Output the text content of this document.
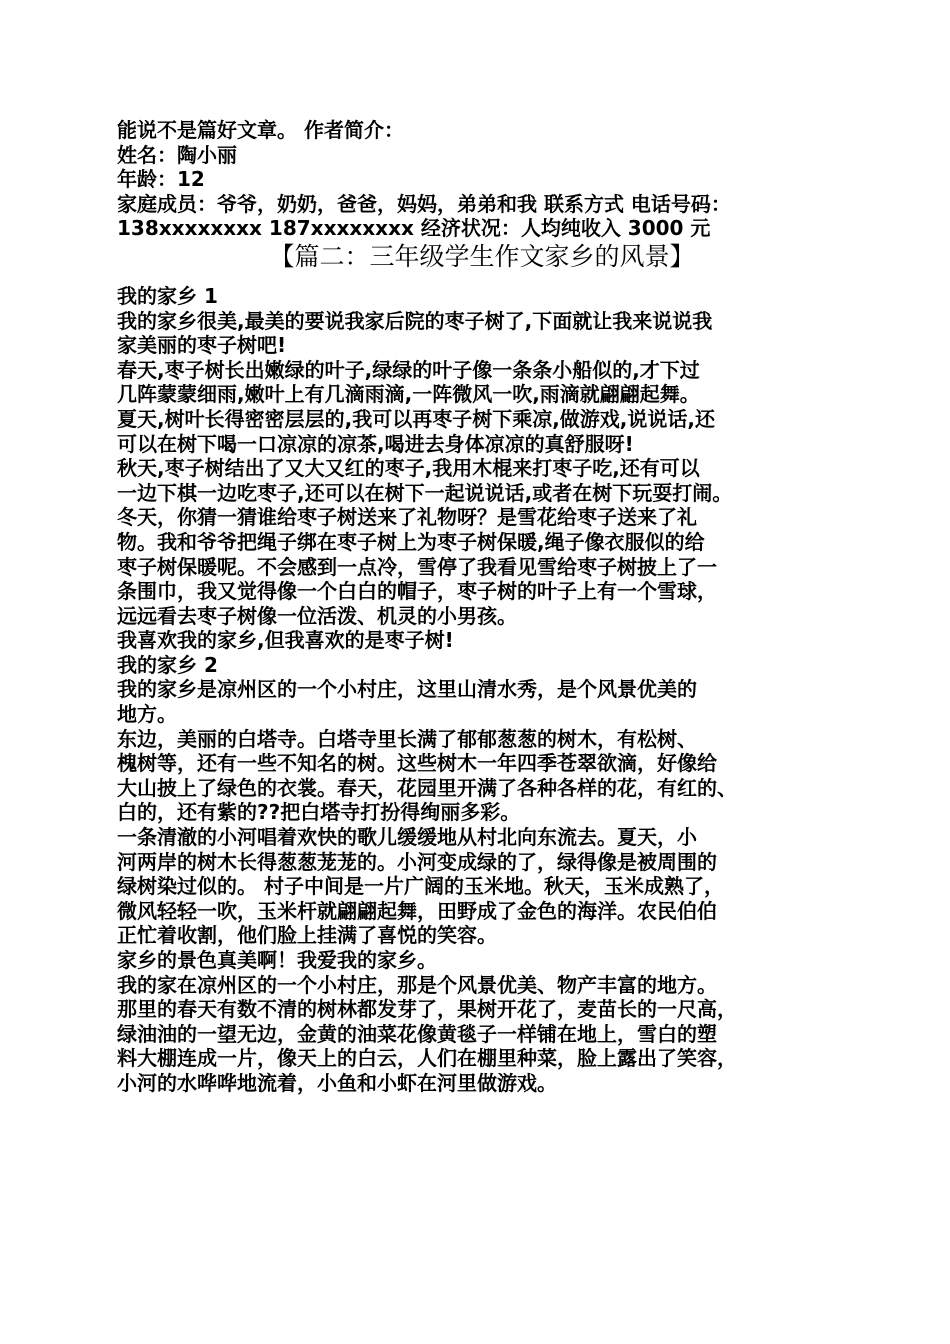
能说不是篇好文章。 作者简介：

姓名：陶小丽

年龄：12

家庭成员：爷爷，奶奶，爸爸，妈妈，弟弟和我 联系方式 电话号码：

138xxxxxxxx 187xxxxxxxx 经济状况：人均纯收入 3000 元

【篇二：三年级学生作文家乡的风景】

我的家乡 1

我的家乡很美,最美的要说我家后院的枣子树了,下面就让我来说说我

家美丽的枣子树吧!

春天,枣子树长出嫩绿的叶子,绿绿的叶子像一条条小船似的,才下过

几阵蒙蒙细雨,嫩叶上有几滴雨滴,一阵微风一吹,雨滴就翩翩起舞。

夏天,树叶长得密密层层的,我可以再枣子树下乘凉,做游戏,说说话,还

可以在树下喝一口凉凉的凉茶,喝进去身体凉凉的真舒服呀!

秋天,枣子树结出了又大又红的枣子,我用木棍来打枣子吃,还有可以

一边下棋一边吃枣子,还可以在树下一起说说话,或者在树下玩耍打闹。

冬天，你猜一猜谁给枣子树送来了礼物呀？是雪花给枣子送来了礼

物。我和爷爷把绳子绑在枣子树上为枣子树保暖,绳子像衣服似的给

枣子树保暖呢。不会感到一点冷，雪停了我看见雪给枣子树披上了一

条围巾，我又觉得像一个白白的帽子，枣子树的叶子上有一个雪球，

远远看去枣子树像一位活泼、机灵的小男孩。

我喜欢我的家乡,但我喜欢的是枣子树!

我的家乡 2

我的家乡是凉州区的一个小村庄，这里山清水秀，是个风景优美的

地方。

东边，美丽的白塔寺。白塔寺里长满了郁郁葱葱的树木，有松树、

槐树等，还有一些不知名的树。这些树木一年四季苍翠欲滴，好像给

大山披上了绿色的衣裳。春天，花园里开满了各种各样的花，有红的、

白的，还有紫的??把白塔寺打扮得绚丽多彩。

一条清澈的小河唱着欢快的歌儿缓缓地从村北向东流去。夏天，小

河两岸的树木长得葱葱茏茏的。小河变成绿的了，绿得像是被周围的

绿树染过似的。 村子中间是一片广阔的玉米地。秋天，玉米成熟了，

微风轻轻一吹，玉米杆就翩翩起舞，田野成了金色的海洋。农民伯伯

正忙着收割，他们脸上挂满了喜悦的笑容。

家乡的景色真美啊！我爱我的家乡。

我的家在凉州区的一个小村庄，那是个风景优美、物产丰富的地方。

那里的春天有数不清的树林都发芽了，果树开花了，麦苗长的一尺高，

绿油油的一望无边，金黄的油菜花像黄毯子一样铺在地上，雪白的塑

料大棚连成一片，像天上的白云，人们在棚里种菜，脸上露出了笑容，

小河的水哗哗地流着，小鱼和小虾在河里做游戏。
